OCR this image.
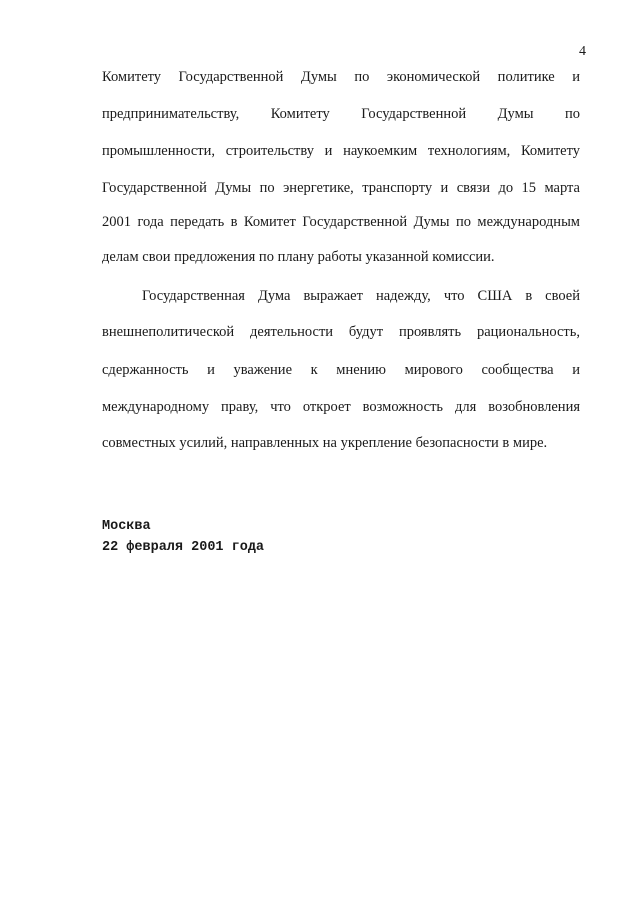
4
Комитету Государственной Думы по экономической политике и
предпринимательству, Комитету Государственной Думы по
промышленности, строительству и наукоемким технологиям, Комитету
Государственной Думы по энергетике, транспорту и связи до 15 марта
2001 года передать в Комитет Государственной Думы по международным
делам свои предложения по плану работы указанной комиссии.
Государственная Дума выражает надежду, что США в своей
внешнеполитической деятельности будут проявлять рациональность,
сдержанность и уважение к мнению мирового сообщества и
международному праву, что откроет возможность для возобновления
совместных усилий, направленных на укрепление безопасности в мире.
Москва
22 февраля 2001 года
